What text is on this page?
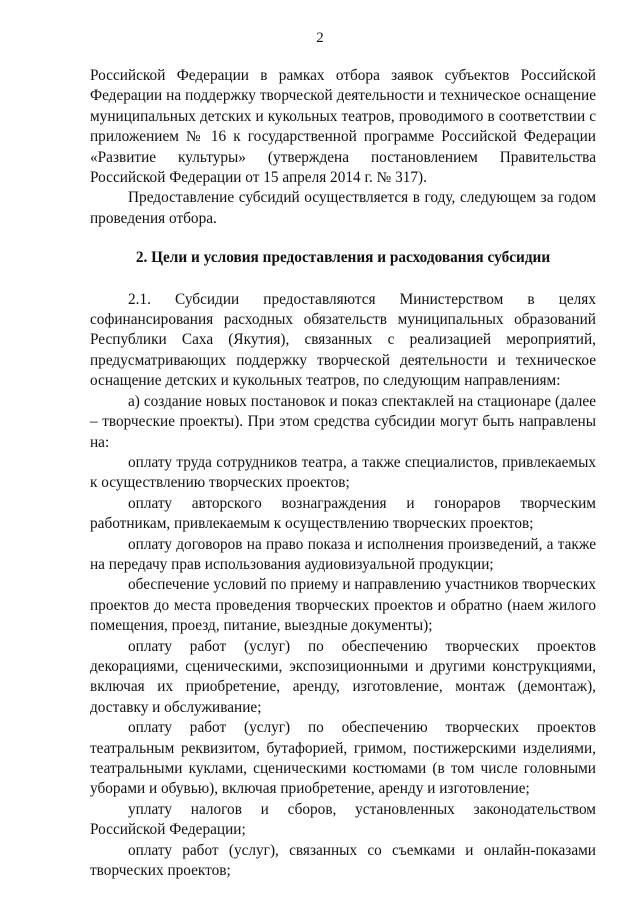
2

Российской Федерации в рамках отбора заявок субъектов Российской Федерации на поддержку творческой деятельности и техническое оснащение муниципальных детских и кукольных театров, проводимого в соответствии с приложением № 16 к государственной программе Российской Федерации «Развитие культуры» (утверждена постановлением Правительства Российской Федерации от 15 апреля 2014 г. № 317).

Предоставление субсидий осуществляется в году, следующем за годом проведения отбора.

2. Цели и условия предоставления и расходования субсидии

2.1. Субсидии предоставляются Министерством в целях софинансирования расходных обязательств муниципальных образований Республики Саха (Якутия), связанных с реализацией мероприятий, предусматривающих поддержку творческой деятельности и техническое оснащение детских и кукольных театров, по следующим направлениям:

а) создание новых постановок и показ спектаклей на стационаре (далее – творческие проекты). При этом средства субсидии могут быть направлены на:

оплату труда сотрудников театра, а также специалистов, привлекаемых к осуществлению творческих проектов;

оплату авторского вознаграждения и гонораров творческим работникам, привлекаемым к осуществлению творческих проектов;

оплату договоров на право показа и исполнения произведений, а также на передачу прав использования аудиовизуальной продукции;

обеспечение условий по приему и направлению участников творческих проектов до места проведения творческих проектов и обратно (наем жилого помещения, проезд, питание, выездные документы);

оплату работ (услуг) по обеспечению творческих проектов декорациями, сценическими, экспозиционными и другими конструкциями, включая их приобретение, аренду, изготовление, монтаж (демонтаж), доставку и обслуживание;

оплату работ (услуг) по обеспечению творческих проектов театральным реквизитом, бутафорией, гримом, постижерскими изделиями, театральными куклами, сценическими костюмами (в том числе головными уборами и обувью), включая приобретение, аренду и изготовление;

уплату налогов и сборов, установленных законодательством Российской Федерации;

оплату работ (услуг), связанных со съемками и онлайн-показами творческих проектов;
